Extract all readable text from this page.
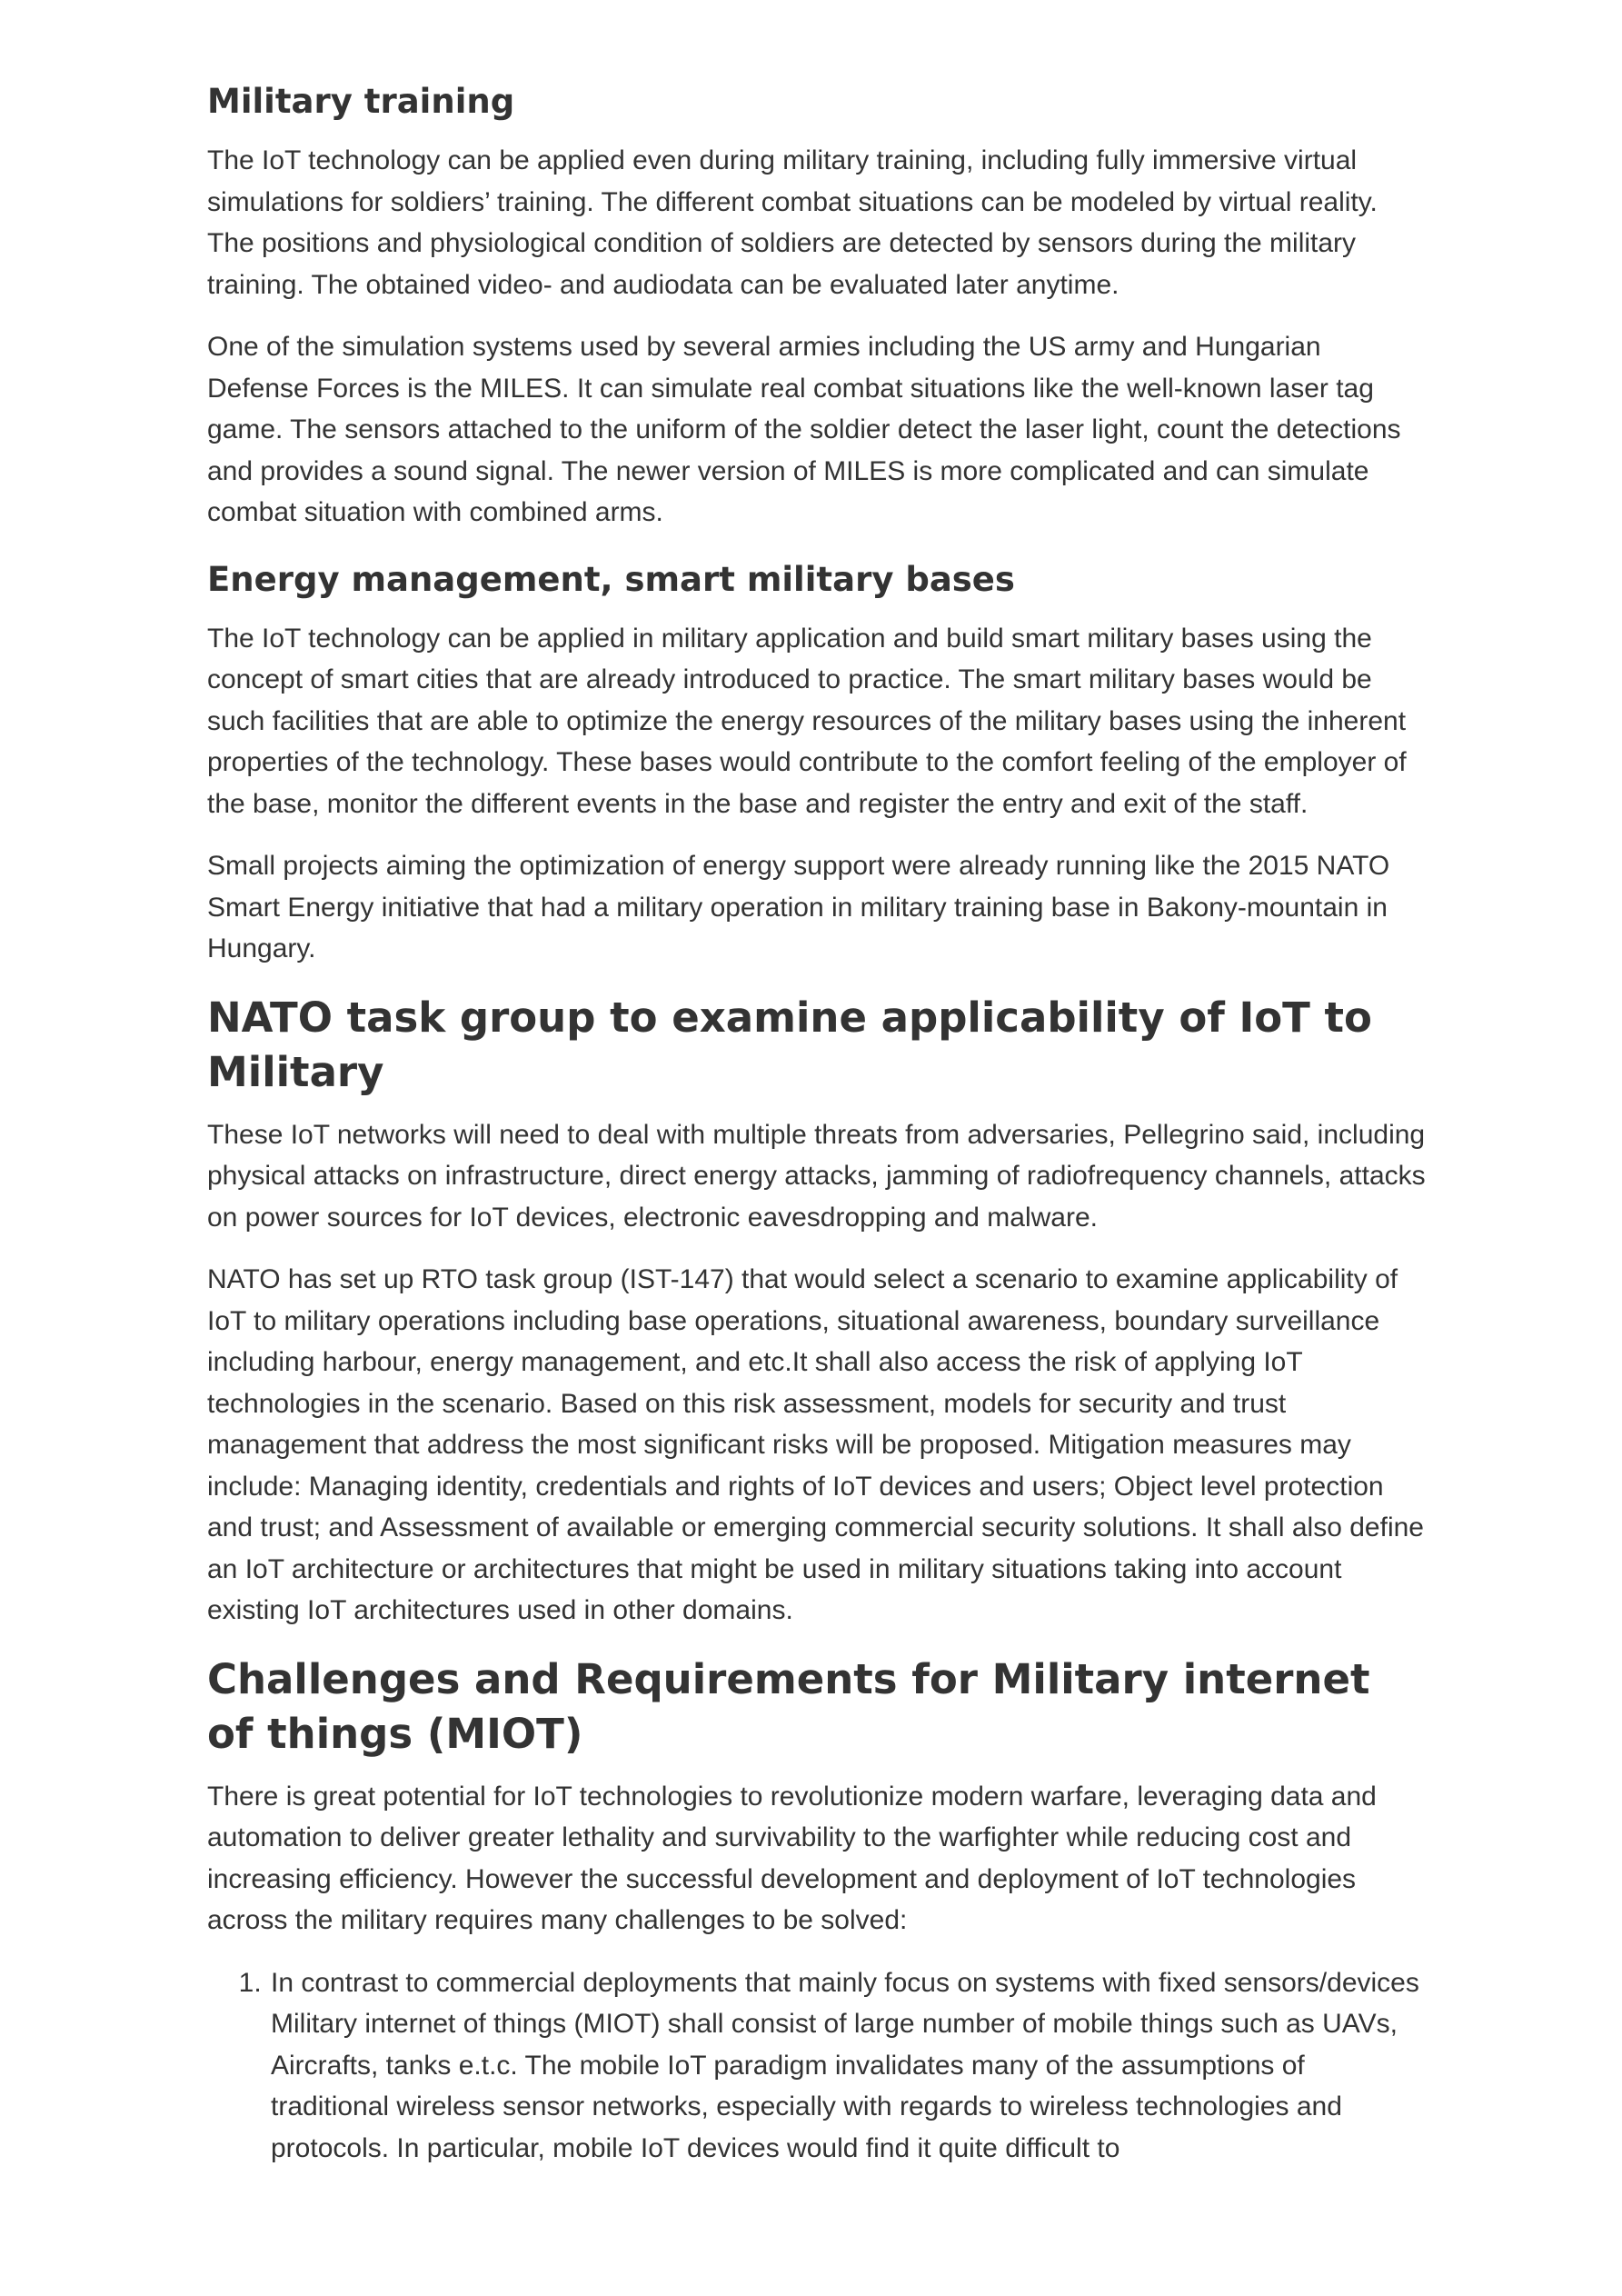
Military training

The IoT technology can be applied even during military training, including fully immersive virtual simulations for soldiers’ training. The different combat situations can be modeled by virtual reality. The positions and physiological condition of soldiers are detected by sensors during the military training. The obtained video- and audiodata can be evaluated later anytime.

One of the simulation systems used by several armies including the US army and Hungarian Defense Forces is the MILES. It can simulate real combat situations like the well-known laser tag game. The sensors attached to the uniform of the soldier detect the laser light, count the detections and provides a sound signal. The newer version of MILES is more complicated and can simulate combat situation with combined arms.

Energy management, smart military bases

The IoT technology can be applied in military application and build smart military bases using the concept of smart cities that are already introduced to practice. The smart military bases would be such facilities that are able to optimize the energy resources of the military bases using the inherent properties of the technology. These bases would contribute to the comfort feeling of the employer of the base, monitor the different events in the base and register the entry and exit of the staff.

Small projects aiming the optimization of energy support were already running like the 2015 NATO Smart Energy initiative that had a military operation in military training base in Bakony-mountain in Hungary.

NATO task group to examine applicability of IoT to Military

These IoT networks will need to deal with multiple threats from adversaries, Pellegrino said, including physical attacks on infrastructure, direct energy attacks, jamming of radiofrequency channels, attacks on power sources for IoT devices, electronic eavesdropping and malware.

NATO has set up RTO task group (IST-147) that would select a scenario to examine applicability of IoT to military operations including base operations, situational awareness, boundary surveillance including harbour, energy management, and etc.It shall also access the risk of applying IoT technologies in the scenario. Based on this risk assessment, models for security and trust management that address the most significant risks will be proposed. Mitigation measures may include: Managing identity, credentials and rights of IoT devices and users; Object level protection and trust; and Assessment of available or emerging commercial security solutions. It shall also define an IoT architecture or architectures that might be used in military situations taking into account existing IoT architectures used in other domains.

Challenges and Requirements for Military internet of things (MIOT)

There is great potential for IoT technologies to revolutionize modern warfare, leveraging data and automation to deliver greater lethality and survivability to the warfighter while reducing cost and increasing efficiency. However the successful development and deployment of IoT technologies across the military requires many challenges to be solved:

1. In contrast to commercial deployments that mainly focus on systems with fixed sensors/devices Military internet of things (MIOT) shall consist of large number of mobile things such as UAVs, Aircrafts, tanks e.t.c. The mobile IoT paradigm invalidates many of the assumptions of traditional wireless sensor networks, especially with regards to wireless technologies and protocols. In particular, mobile IoT devices would find it quite difficult to
